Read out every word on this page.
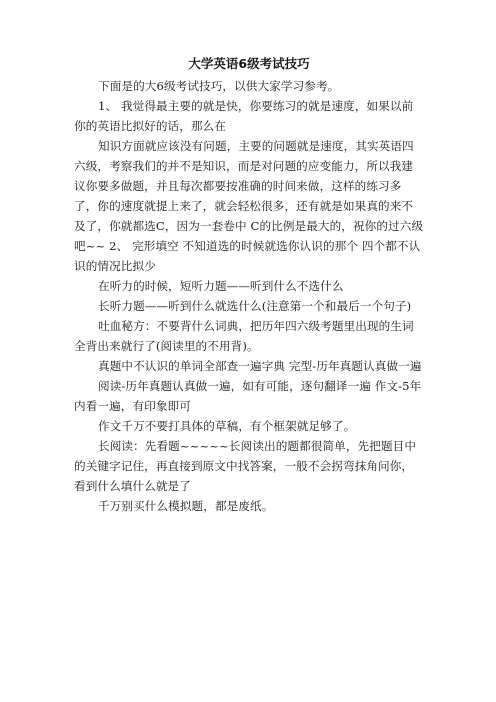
大学英语6级考试技巧

下面是的大6级考试技巧，以供大家学习参考。

1、 我觉得最主要的就是快，你要练习的就是速度，如果以前你的英语比拟好的话，那么在

知识方面就应该没有问题，主要的问题就是速度，其实英语四六级，考察我们的并不是知识，而是对问题的应变能力，所以我建议你要多做题，并且每次都要按准确的时间来做，这样的练习多了，你的速度就提上来了，就会轻松很多，还有就是如果真的来不及了，你就都选C，因为一套卷中 C的比例是最大的，祝你的过六级吧~~ 2、 完形填空 不知道选的时候就选你认识的那个 四个都不认识的情况比拟少

在听力的时候，短听力题——听到什么不选什么

长听力题——听到什么就选什么(注意第一个和最后一个句子)

吐血秘方：不要背什么词典，把历年四六级考题里出现的生词全背出来就行了(阅读里的不用背)。

真题中不认识的单词全部查一遍字典 完型-历年真题认真做一遍

阅读-历年真题认真做一遍，如有可能，逐句翻译一遍 作文-5年内看一遍，有印象即可

作文千万不要打具体的草稿，有个框架就足够了。

长阅读：先看题~~~~~长阅读出的题都很简单，先把题目中的关键字记住，再直接到原文中找答案，一般不会拐弯抹角问你，看到什么填什么就是了

千万别买什么模拟题，都是废纸。
